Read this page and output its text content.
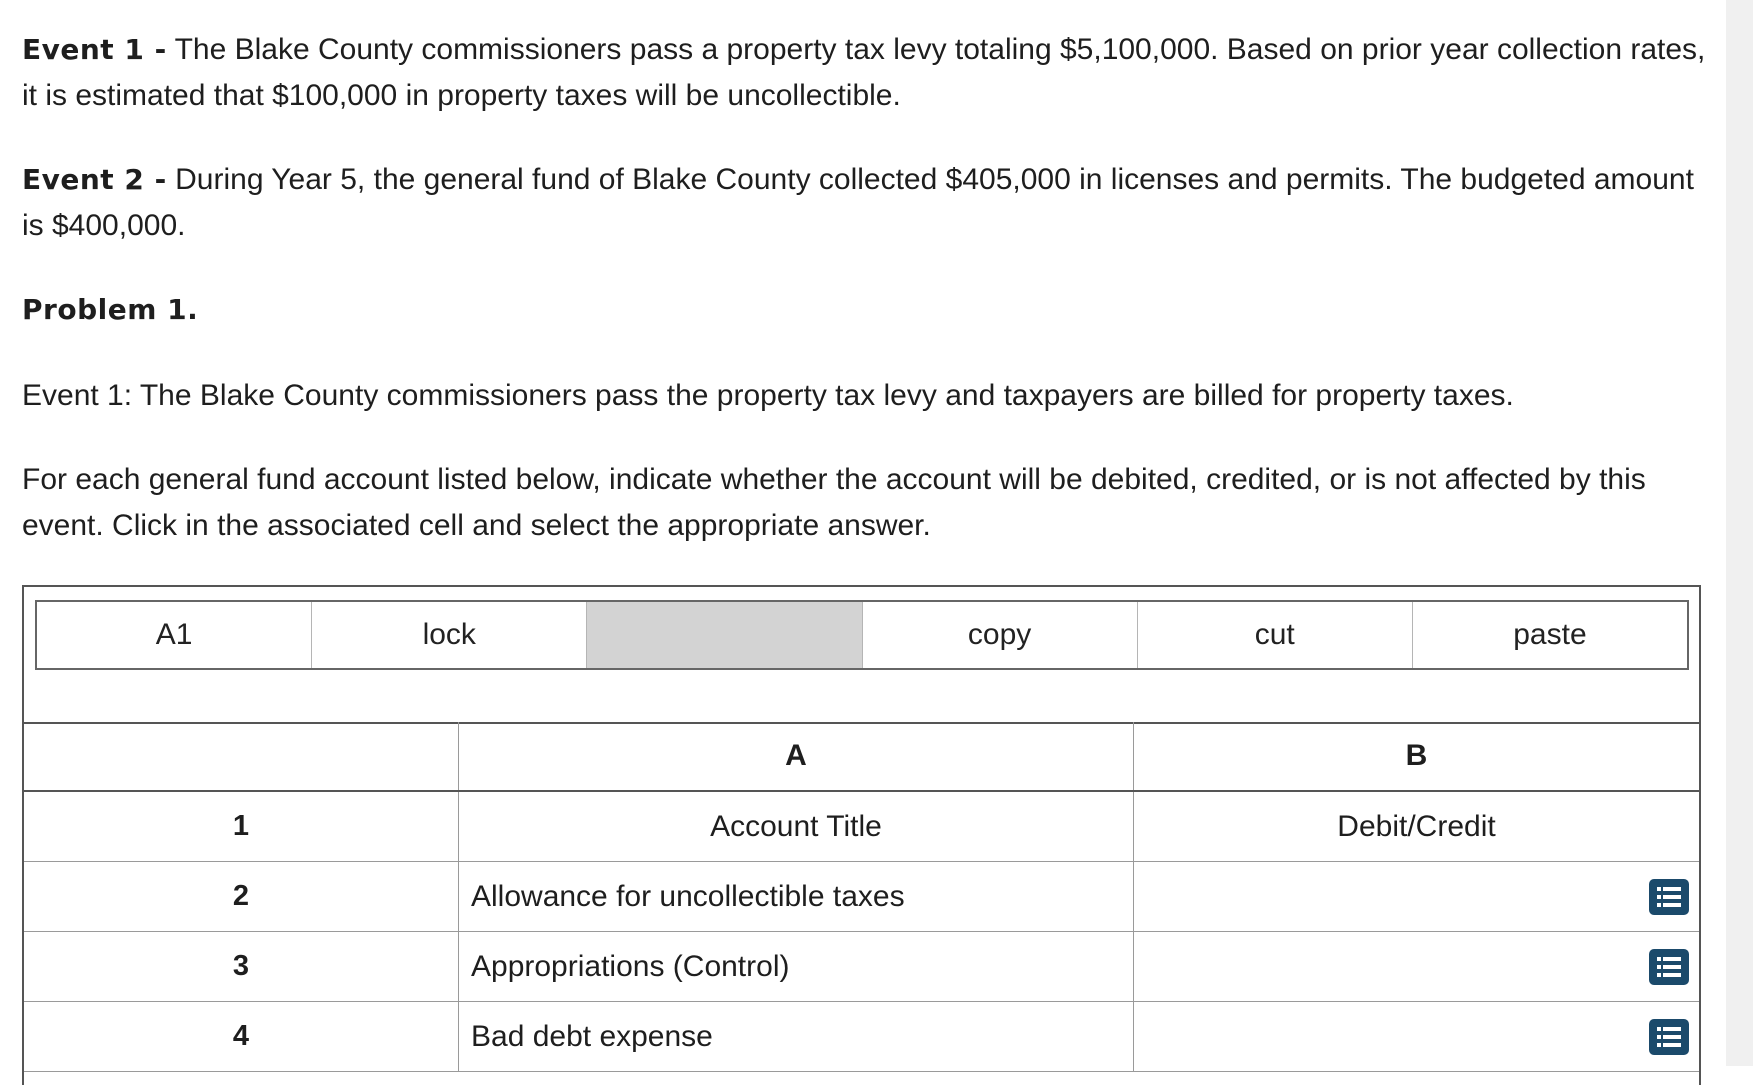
Event 1 - The Blake County commissioners pass a property tax levy totaling $5,100,000. Based on prior year collection rates, it is estimated that $100,000 in property taxes will be uncollectible.

Event 2 - During Year 5, the general fund of Blake County collected $405,000 in licenses and permits. The budgeted amount is $400,000.

Problem 1.

Event 1: The Blake County commissioners pass the property tax levy and taxpayers are billed for property taxes.

For each general fund account listed below, indicate whether the account will be debited, credited, or is not affected by this event. Click in the associated cell and select the appropriate answer.

A1	lock	copy	cut	paste
A	B
1	Account Title	Debit/Credit
2	Allowance for uncollectible taxes
3	Appropriations (Control)
4	Bad debt expense
